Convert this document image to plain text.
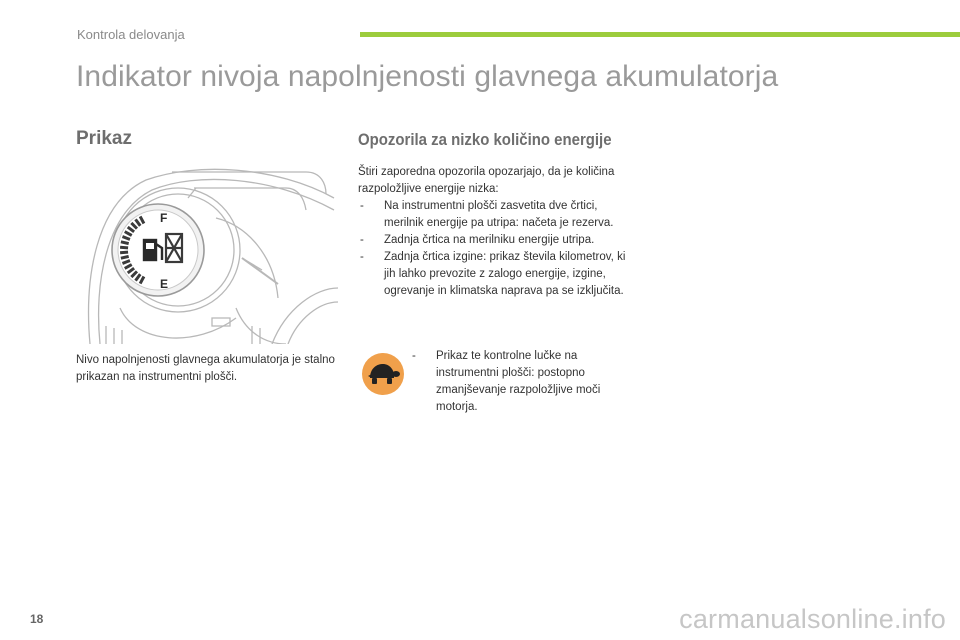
Kontrola delovanja
Indikator nivoja napolnjenosti glavnega akumulatorja
Prikaz	Opozorila za nizko količino energije
F
E
Nivo napolnjenosti glavnega akumulatorja je stalno prikazan na instrumentni plošči.
Štiri zaporedna opozorila opozarjajo, da je količina razpoložljive energije nizka:
- Na instrumentni plošči zasvetita dve črtici, merilnik energije pa utripa: načeta je rezerva.
- Zadnja črtica na merilniku energije utripa.
- Zadnja črtica izgine: prikaz števila kilometrov, ki jih lahko prevozite z zalogo energije, izgine, ogrevanje in klimatska naprava pa se izključita.
- Prikaz te kontrolne lučke na instrumentni plošči: postopno zmanjševanje razpoložljive moči motorja.
18	carmanualsonline.info
